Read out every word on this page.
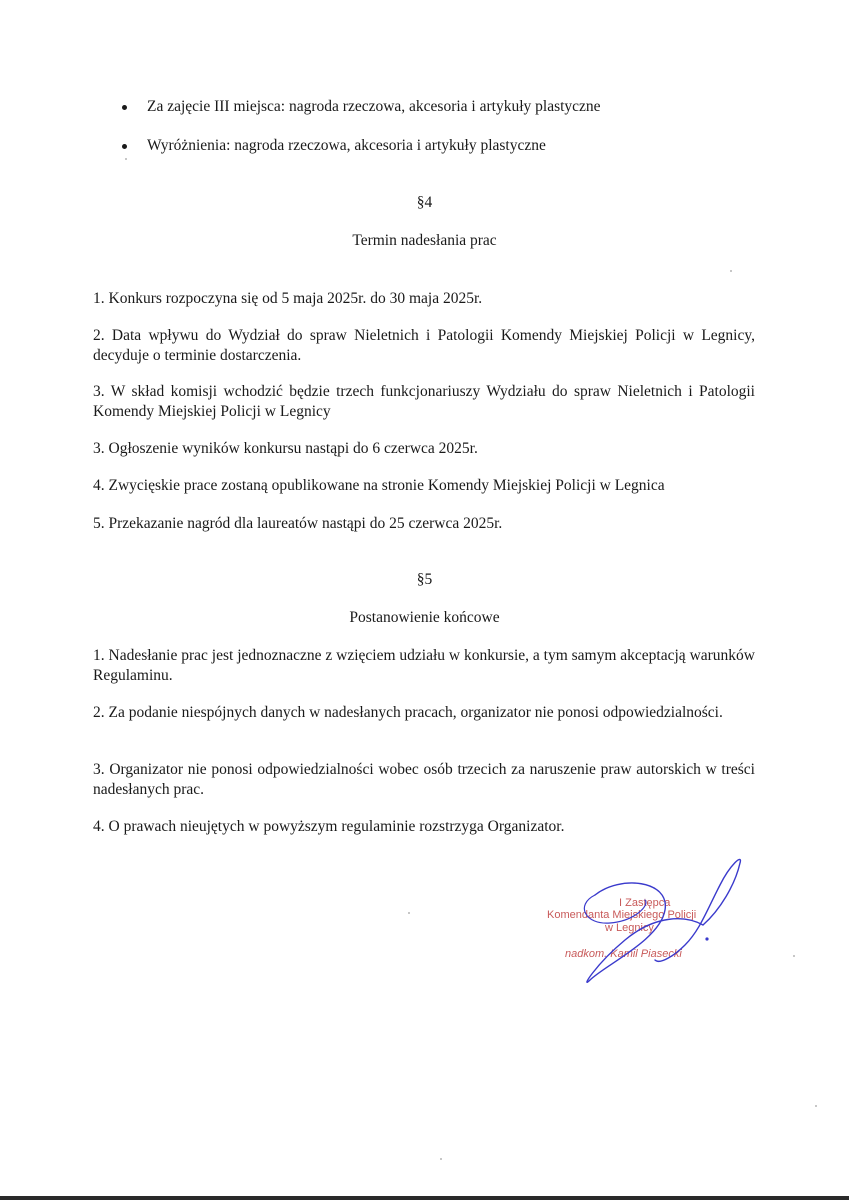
Za zajęcie III miejsca: nagroda rzeczowa, akcesoria i artykuły plastyczne
Wyróżnienia: nagroda rzeczowa, akcesoria i artykuły plastyczne
§4
Termin nadesłania prac
1. Konkurs rozpoczyna się od 5 maja 2025r. do 30 maja 2025r.
2. Data wpływu do Wydział do spraw Nieletnich i Patologii Komendy Miejskiej Policji w Legnicy, decyduje o terminie dostarczenia.
3. W skład komisji wchodzić będzie trzech funkcjonariuszy Wydziału do spraw Nieletnich i Patologii Komendy Miejskiej Policji w Legnicy
3. Ogłoszenie wyników konkursu nastąpi do 6 czerwca 2025r.
4. Zwycięskie prace zostaną opublikowane na stronie Komendy Miejskiej Policji w Legnica
5. Przekazanie nagród dla laureatów nastąpi do 25 czerwca 2025r.
§5
Postanowienie końcowe
1. Nadesłanie prac jest jednoznaczne z wzięciem udziału w konkursie, a tym samym akceptacją warunków Regulaminu.
2. Za podanie niespójnych danych w nadesłanych pracach, organizator nie ponosi odpowiedzialności.
3. Organizator nie ponosi odpowiedzialności wobec osób trzecich za naruszenie praw autorskich w treści nadesłanych prac.
4. O prawach nieujętych w powyższym regulaminie rozstrzyga Organizator.
I Zastępca
Komendanta Miejskiego Policji
w Legnicy
nadkom. Kamil Piasecki
